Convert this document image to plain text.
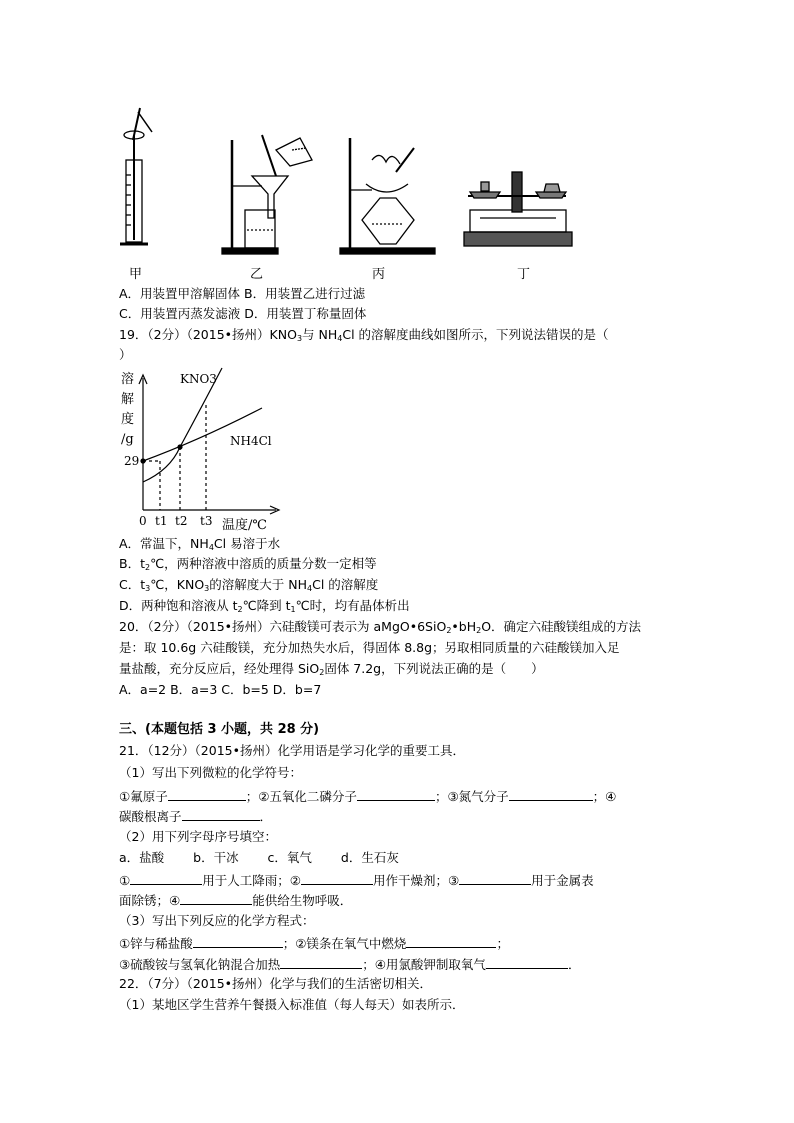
甲	乙	丙	丁
A．用装置甲溶解固体 B．用装置乙进行过滤
C．用装置丙蒸发滤液 D．用装置丁称量固体
19．（2分）（2015•扬州）$KNO_3$与 $NH_4Cl$ 的溶解度曲线如图所示，下列说法错误的是（
）
溶
解
度
/g
29
KNO3
NH4Cl
0 t1 t2 t3 温度/℃
A．常温下，$NH_4Cl$ 易溶于水
B．$t_2℃$，两种溶液中溶质的质量分数一定相等
C．$t_3℃$，$KNO_3$的溶解度大于 $NH_4Cl$ 的溶解度
D．两种饱和溶液从 $t_2℃$降到 $t_1℃$时，均有晶体析出
20．（2分）（2015•扬州）六硅酸镁可表示为 $aMgO•6SiO_2•bH_2O$．确定六硅酸镁组成的方法
是：取 10.6g 六硅酸镁，充分加热失水后，得固体 8.8g；另取相同质量的六硅酸镁加入足
量盐酸，充分反应后，经处理得 SiO$_2$固体 7.2g，下列说法正确的是（　　）
A．a=2 B．a=3 C．b=5 D．b=7
三、(本题包括 3 小题，共 28 分)
21．（12分）（2015•扬州）化学用语是学习化学的重要工具．
（1）写出下列微粒的化学符号：
①氟原子	；②五氧化二磷分子	；③氮气分子	；④
碳酸根离子	．
（2）用下列字母序号填空：
a．盐酸　　 b．干冰　　 c．氧气　　 d．生石灰
①	用于人工降雨；②	用作干燥剂；③	用于金属表
面除锈；④	能供给生物呼吸．
（3）写出下列反应的化学方程式：
①锌与稀盐酸	；②镁条在氧气中燃烧	；
③硫酸铵与氢氧化钠混合加热	；④用氯酸钾制取氧气	．
22．（7分）（2015•扬州）化学与我们的生活密切相关．
（1）某地区学生营养午餐摄入标准值（每人每天）如表所示．
